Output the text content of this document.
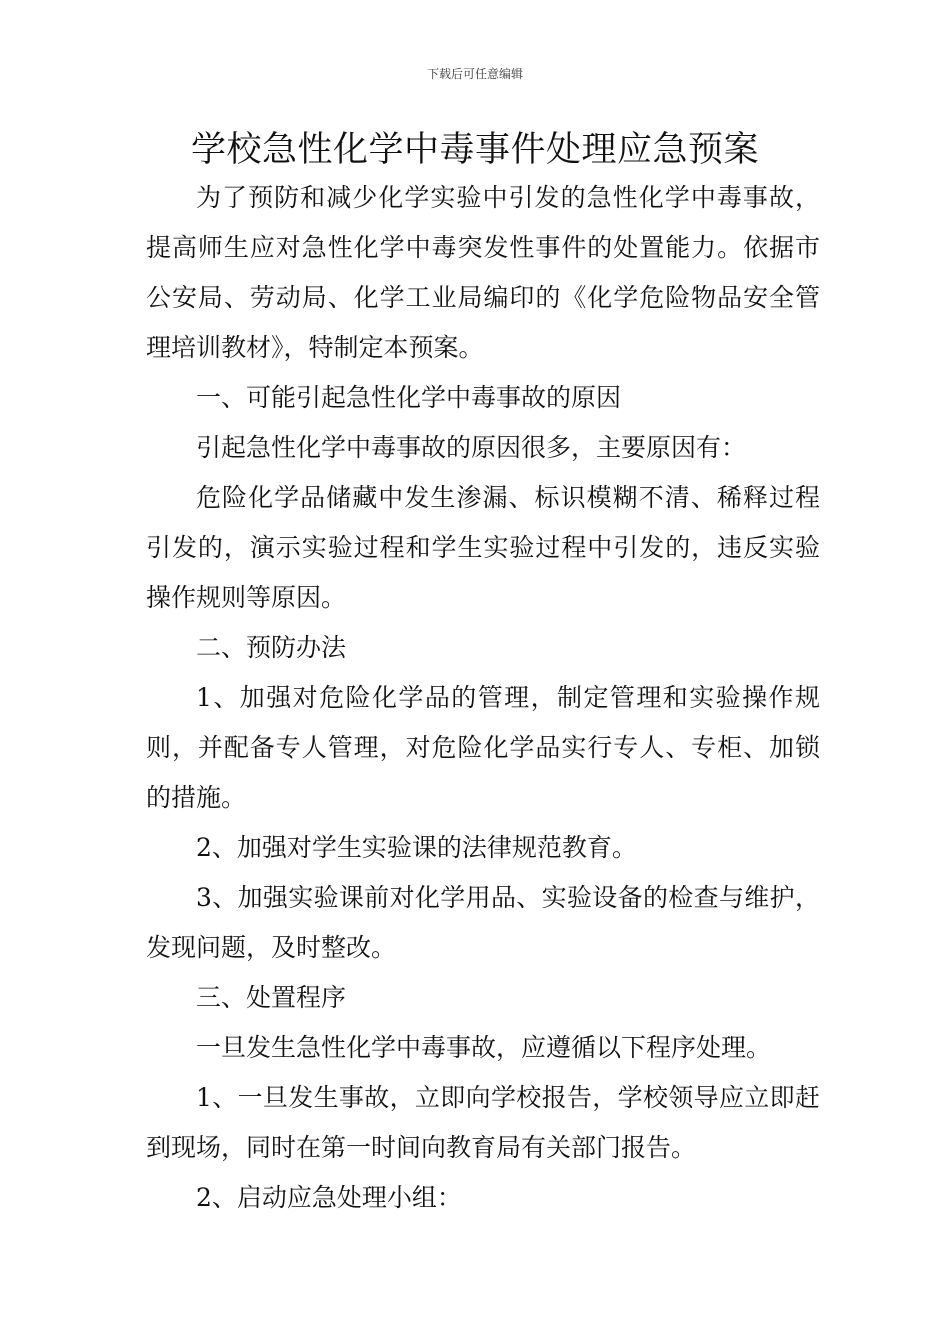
下载后可任意编辑
学校急性化学中毒事件处理应急预案

为了预防和减少化学实验中引发的急性化学中毒事故，提高师生应对急性化学中毒突发性事件的处置能力。依据市公安局、劳动局、化学工业局编印的《化学危险物品安全管理培训教材》，特制定本预案。

一、可能引起急性化学中毒事故的原因

引起急性化学中毒事故的原因很多，主要原因有：

危险化学品储藏中发生渗漏、标识模糊不清、稀释过程引发的，演示实验过程和学生实验过程中引发的，违反实验操作规则等原因。

二、预防办法

1、加强对危险化学品的管理，制定管理和实验操作规则，并配备专人管理，对危险化学品实行专人、专柜、加锁的措施。

2、加强对学生实验课的法律规范教育。

3、加强实验课前对化学用品、实验设备的检查与维护，发现问题，及时整改。

三、处置程序

一旦发生急性化学中毒事故，应遵循以下程序处理。

1、一旦发生事故，立即向学校报告，学校领导应立即赶到现场，同时在第一时间向教育局有关部门报告。

2、启动应急处理小组：
